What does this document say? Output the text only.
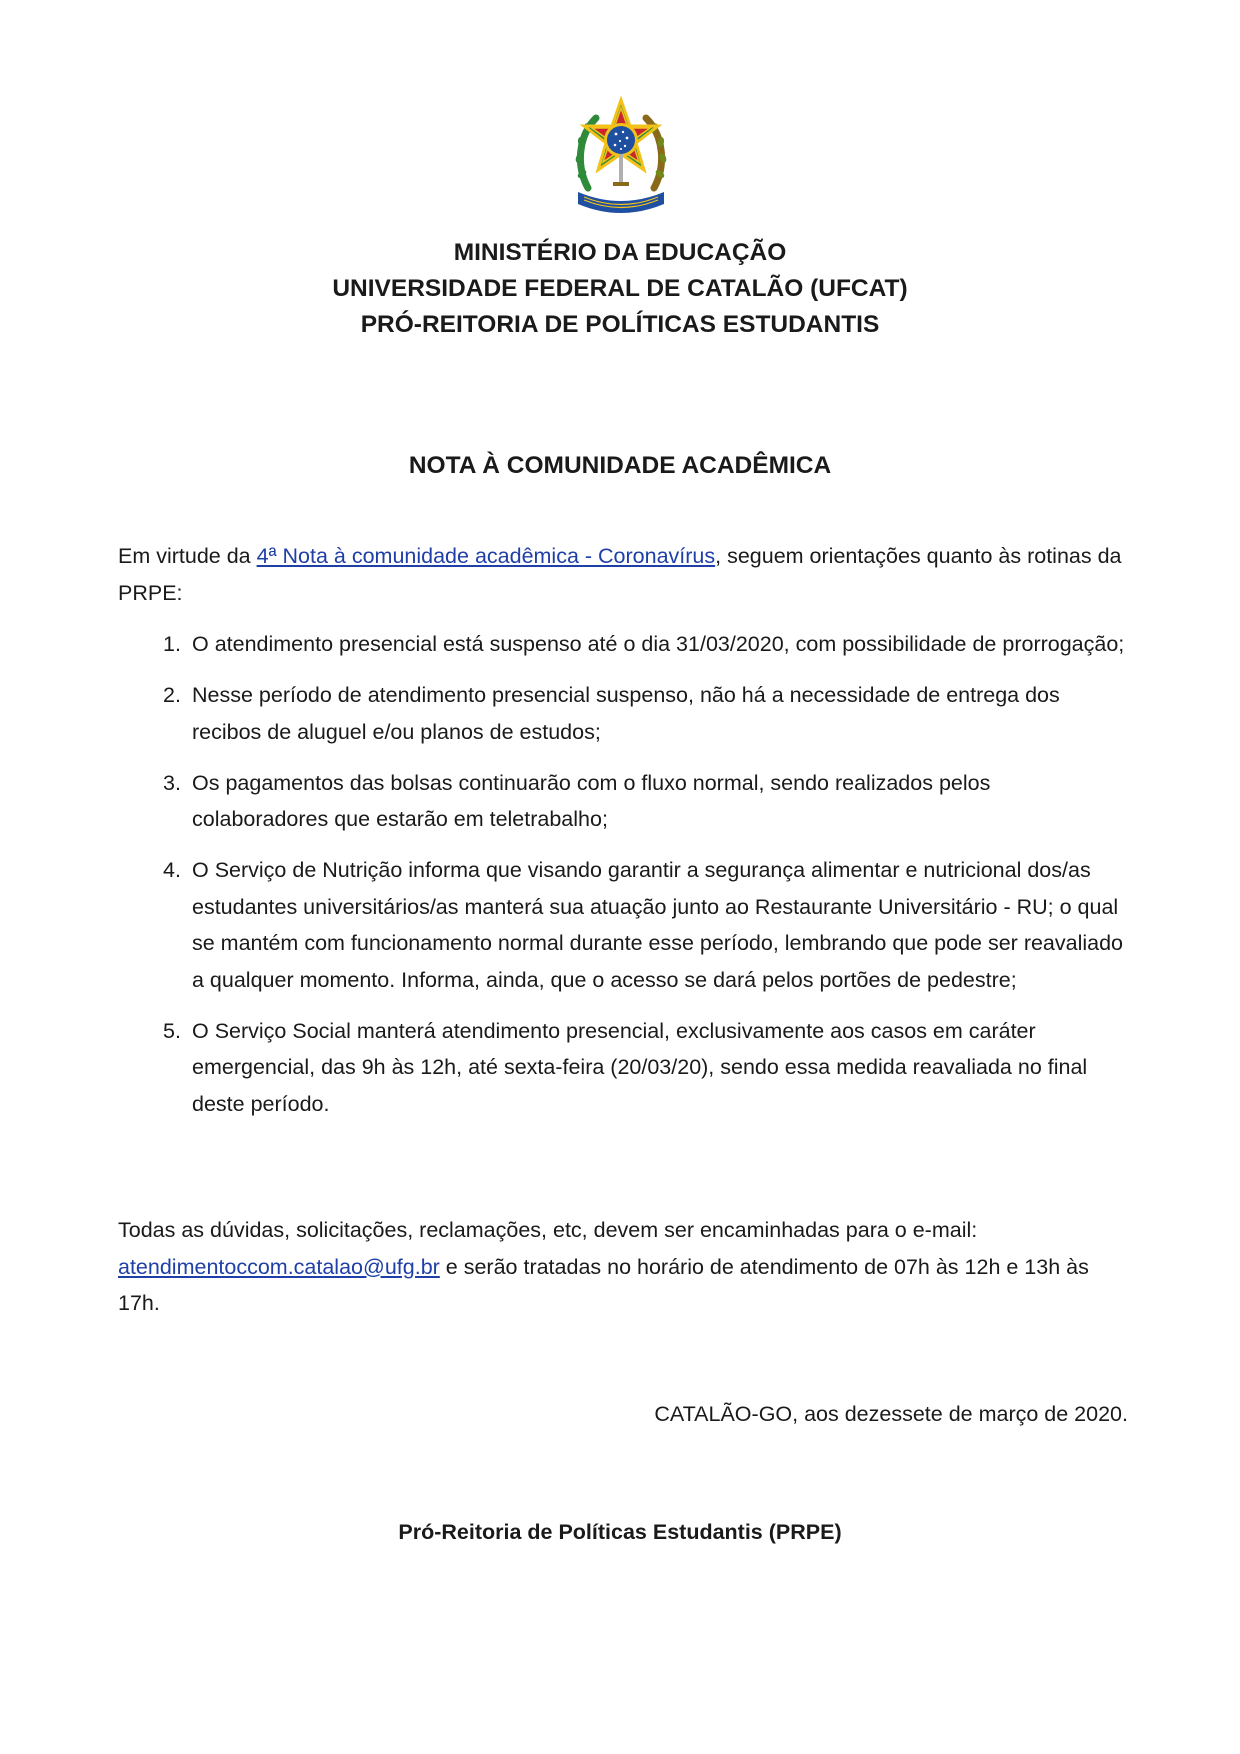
MINISTÉRIO DA EDUCAÇÃO
UNIVERSIDADE FEDERAL DE CATALÃO (UFCAT)
PRÓ-REITORIA DE POLÍTICAS ESTUDANTIS
NOTA À COMUNIDADE ACADÊMICA

Em virtude da 4ª Nota à comunidade acadêmica - Coronavírus, seguem orientações quanto às rotinas da PRPE:

1. O atendimento presencial está suspenso até o dia 31/03/2020, com possibilidade de prorrogação;
2. Nesse período de atendimento presencial suspenso, não há a necessidade de entrega dos recibos de aluguel e/ou planos de estudos;
3. Os pagamentos das bolsas continuarão com o fluxo normal, sendo realizados pelos colaboradores que estarão em teletrabalho;
4. O Serviço de Nutrição informa que visando garantir a segurança alimentar e nutricional dos/as estudantes universitários/as manterá sua atuação junto ao Restaurante Universitário - RU; o qual se mantém com funcionamento normal durante esse período, lembrando que pode ser reavaliado a qualquer momento. Informa, ainda, que o acesso se dará pelos portões de pedestre;
5. O Serviço Social manterá atendimento presencial, exclusivamente aos casos em caráter emergencial, das 9h às 12h, até sexta-feira (20/03/20), sendo essa medida reavaliada no final deste período.

Todas as dúvidas, solicitações, reclamações, etc, devem ser encaminhadas para o e-mail: atendimentoccom.catalao@ufg.br e serão tratadas no horário de atendimento de 07h às 12h e 13h às 17h.

CATALÃO-GO, aos dezessete de março de 2020.
Pró-Reitoria de Políticas Estudantis (PRPE)
